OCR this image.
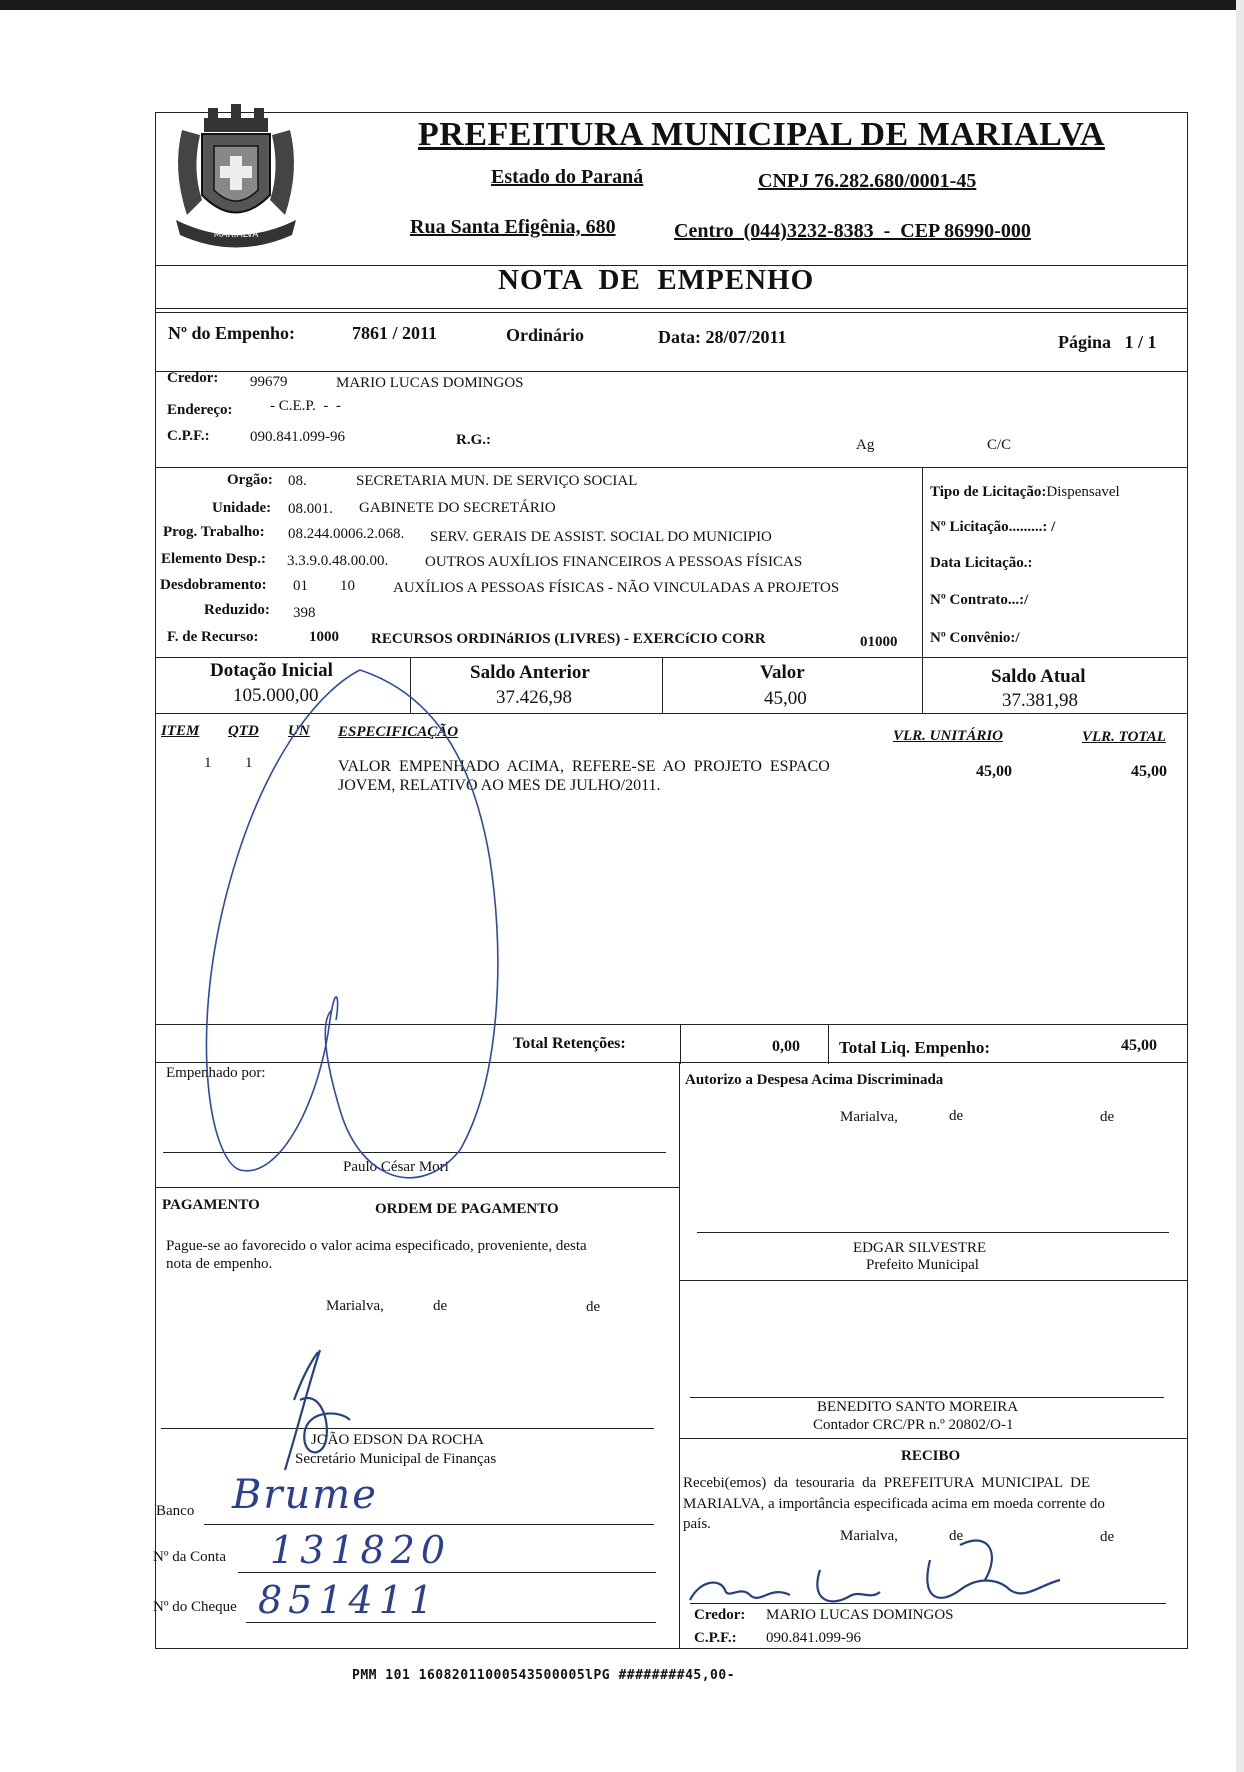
MARIALVA
PREFEITURA MUNICIPAL DE MARIALVA
Estado do Paraná	CNPJ 76.282.680/0001-45
Rua Santa Efigênia, 680	Centro  (044)3232-8383  -  CEP 86990-000
NOTA  DE  EMPENHO
Nº do Empenho:	7861 / 2011	Ordinário	Data: 28/07/2011	Página   1 / 1
Credor: 99679	MARIO LUCAS DOMINGOS
Endereço: - C.E.P.  -  -
C.P.F.:	090.841.099-96	R.G.:	Ag	C/C
Orgão: 08.	SECRETARIA MUN. DE SERVIÇO SOCIAL
Unidade: 08.001. GABINETE DO SECRETÁRIO
Prog. Trabalho: 08.244.0006.2.068. SERV. GERAIS DE ASSIST. SOCIAL DO MUNICIPIO
Elemento Desp.: 3.3.9.0.48.00.00. OUTROS AUXÍLIOS FINANCEIROS A PESSOAS FÍSICAS
Desdobramento: 01 10	AUXÍLIOS A PESSOAS FÍSICAS - NÃO VINCULADAS A PROJETOS
Reduzido: 398
F. de Recurso:	1000 RECURSOS ORDINáRIOS (LIVRES) - EXERCíCIO CORR	01000
Tipo de Licitação:Dispensavel
Nº Licitação.........: /
Data Licitação.:
Nº Contrato...:/
Nº Convênio:/
Dotação Inicial
105.000,00
Saldo Anterior
37.426,98
Valor
45,00
Saldo Atual
37.381,98
ITEM QTD UN ESPECIFICAÇÃO	VLR. UNITÁRIO	VLR. TOTAL
1 1	VALOR  EMPENHADO  ACIMA,  REFERE-SE  AO  PROJETO  ESPACO
JOVEM, RELATIVO AO MES DE JULHO/2011.
45,00	45,00
Total Retenções:	0,00 Total Liq. Empenho:	45,00
Empenhado por:
Paulo César Mori
Autorizo a Despesa Acima Discriminada
Marialva,	de	de
EDGAR SILVESTRE
Prefeito Municipal
BENEDITO SANTO MOREIRA
Contador CRC/PR n.º 20802/O-1
RECIBO
Recebi(emos)  da  tesouraria  da  PREFEITURA  MUNICIPAL  DE
MARIALVA, a importância especificada acima em moeda corrente do
país.
Marialva,	de	de
Credor: MARIO LUCAS DOMINGOS
C.P.F.: 090.841.099-96
PAGAMENTO	ORDEM DE PAGAMENTO
Pague-se ao favorecido o valor acima especificado, proveniente, desta
nota de empenho.
Marialva,	de	de
JOÃO EDSON DA ROCHA
Secretário Municipal de Finanças
Banco
Nº da Conta
Nº do Cheque
Brume
131820
851411
PMM 101 16082011000543500005lPG ########45,00-
